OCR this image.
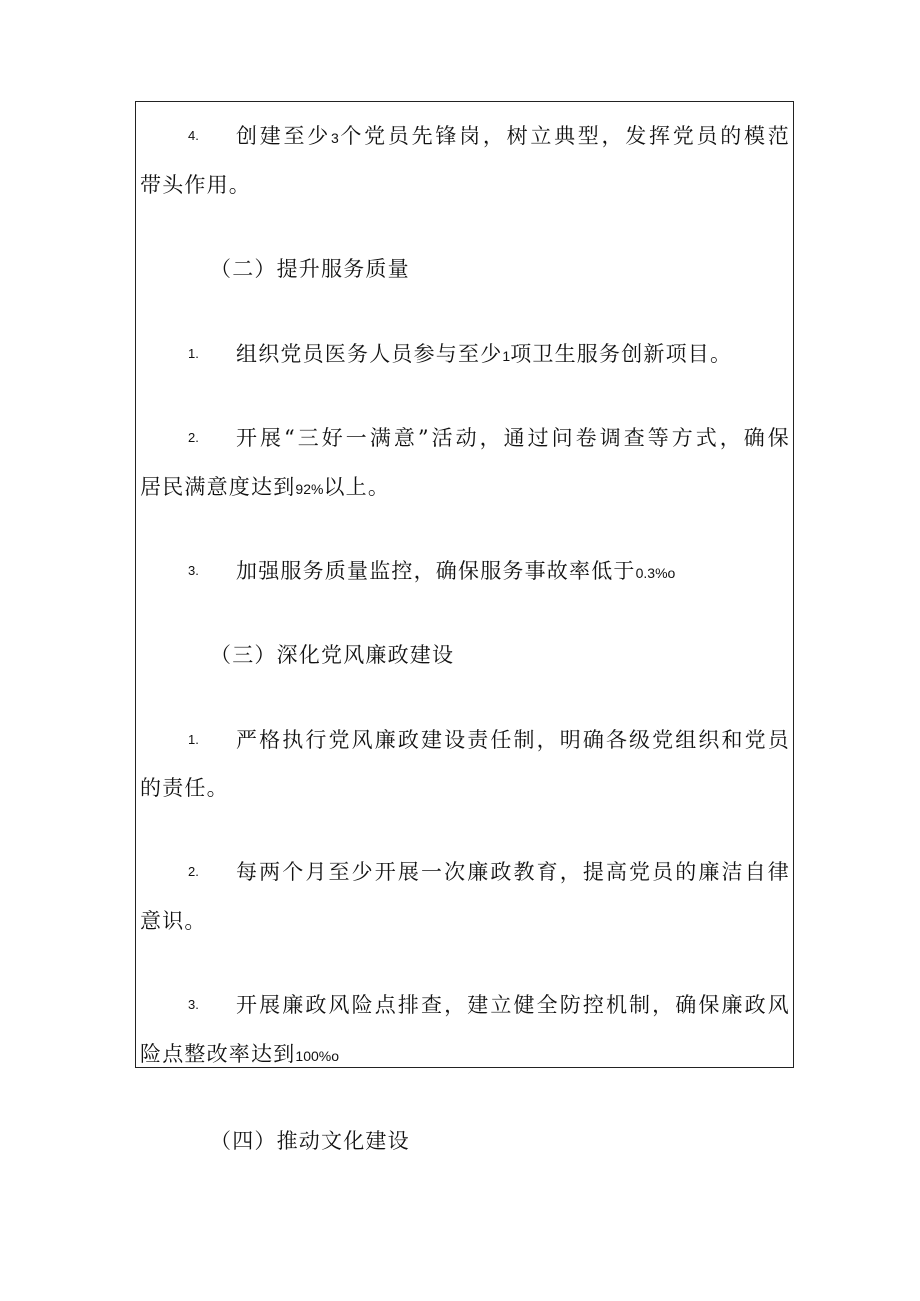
4. 创建至少3个党员先锋岗，树立典型，发挥党员的模范
带头作用。
（二）提升服务质量
1. 组织党员医务人员参与至少1项卫生服务创新项目。
2. 开展“三好一满意”活动，通过问卷调查等方式，确保
居民满意度达到92%以上。
3. 加强服务质量监控，确保服务事故率低于0.3%o
（三）深化党风廉政建设
1. 严格执行党风廉政建设责任制，明确各级党组织和党员
的责任。
2. 每两个月至少开展一次廉政教育，提高党员的廉洁自律
意识。
3. 开展廉政风险点排查，建立健全防控机制，确保廉政风
险点整改率达到100%o
（四）推动文化建设
